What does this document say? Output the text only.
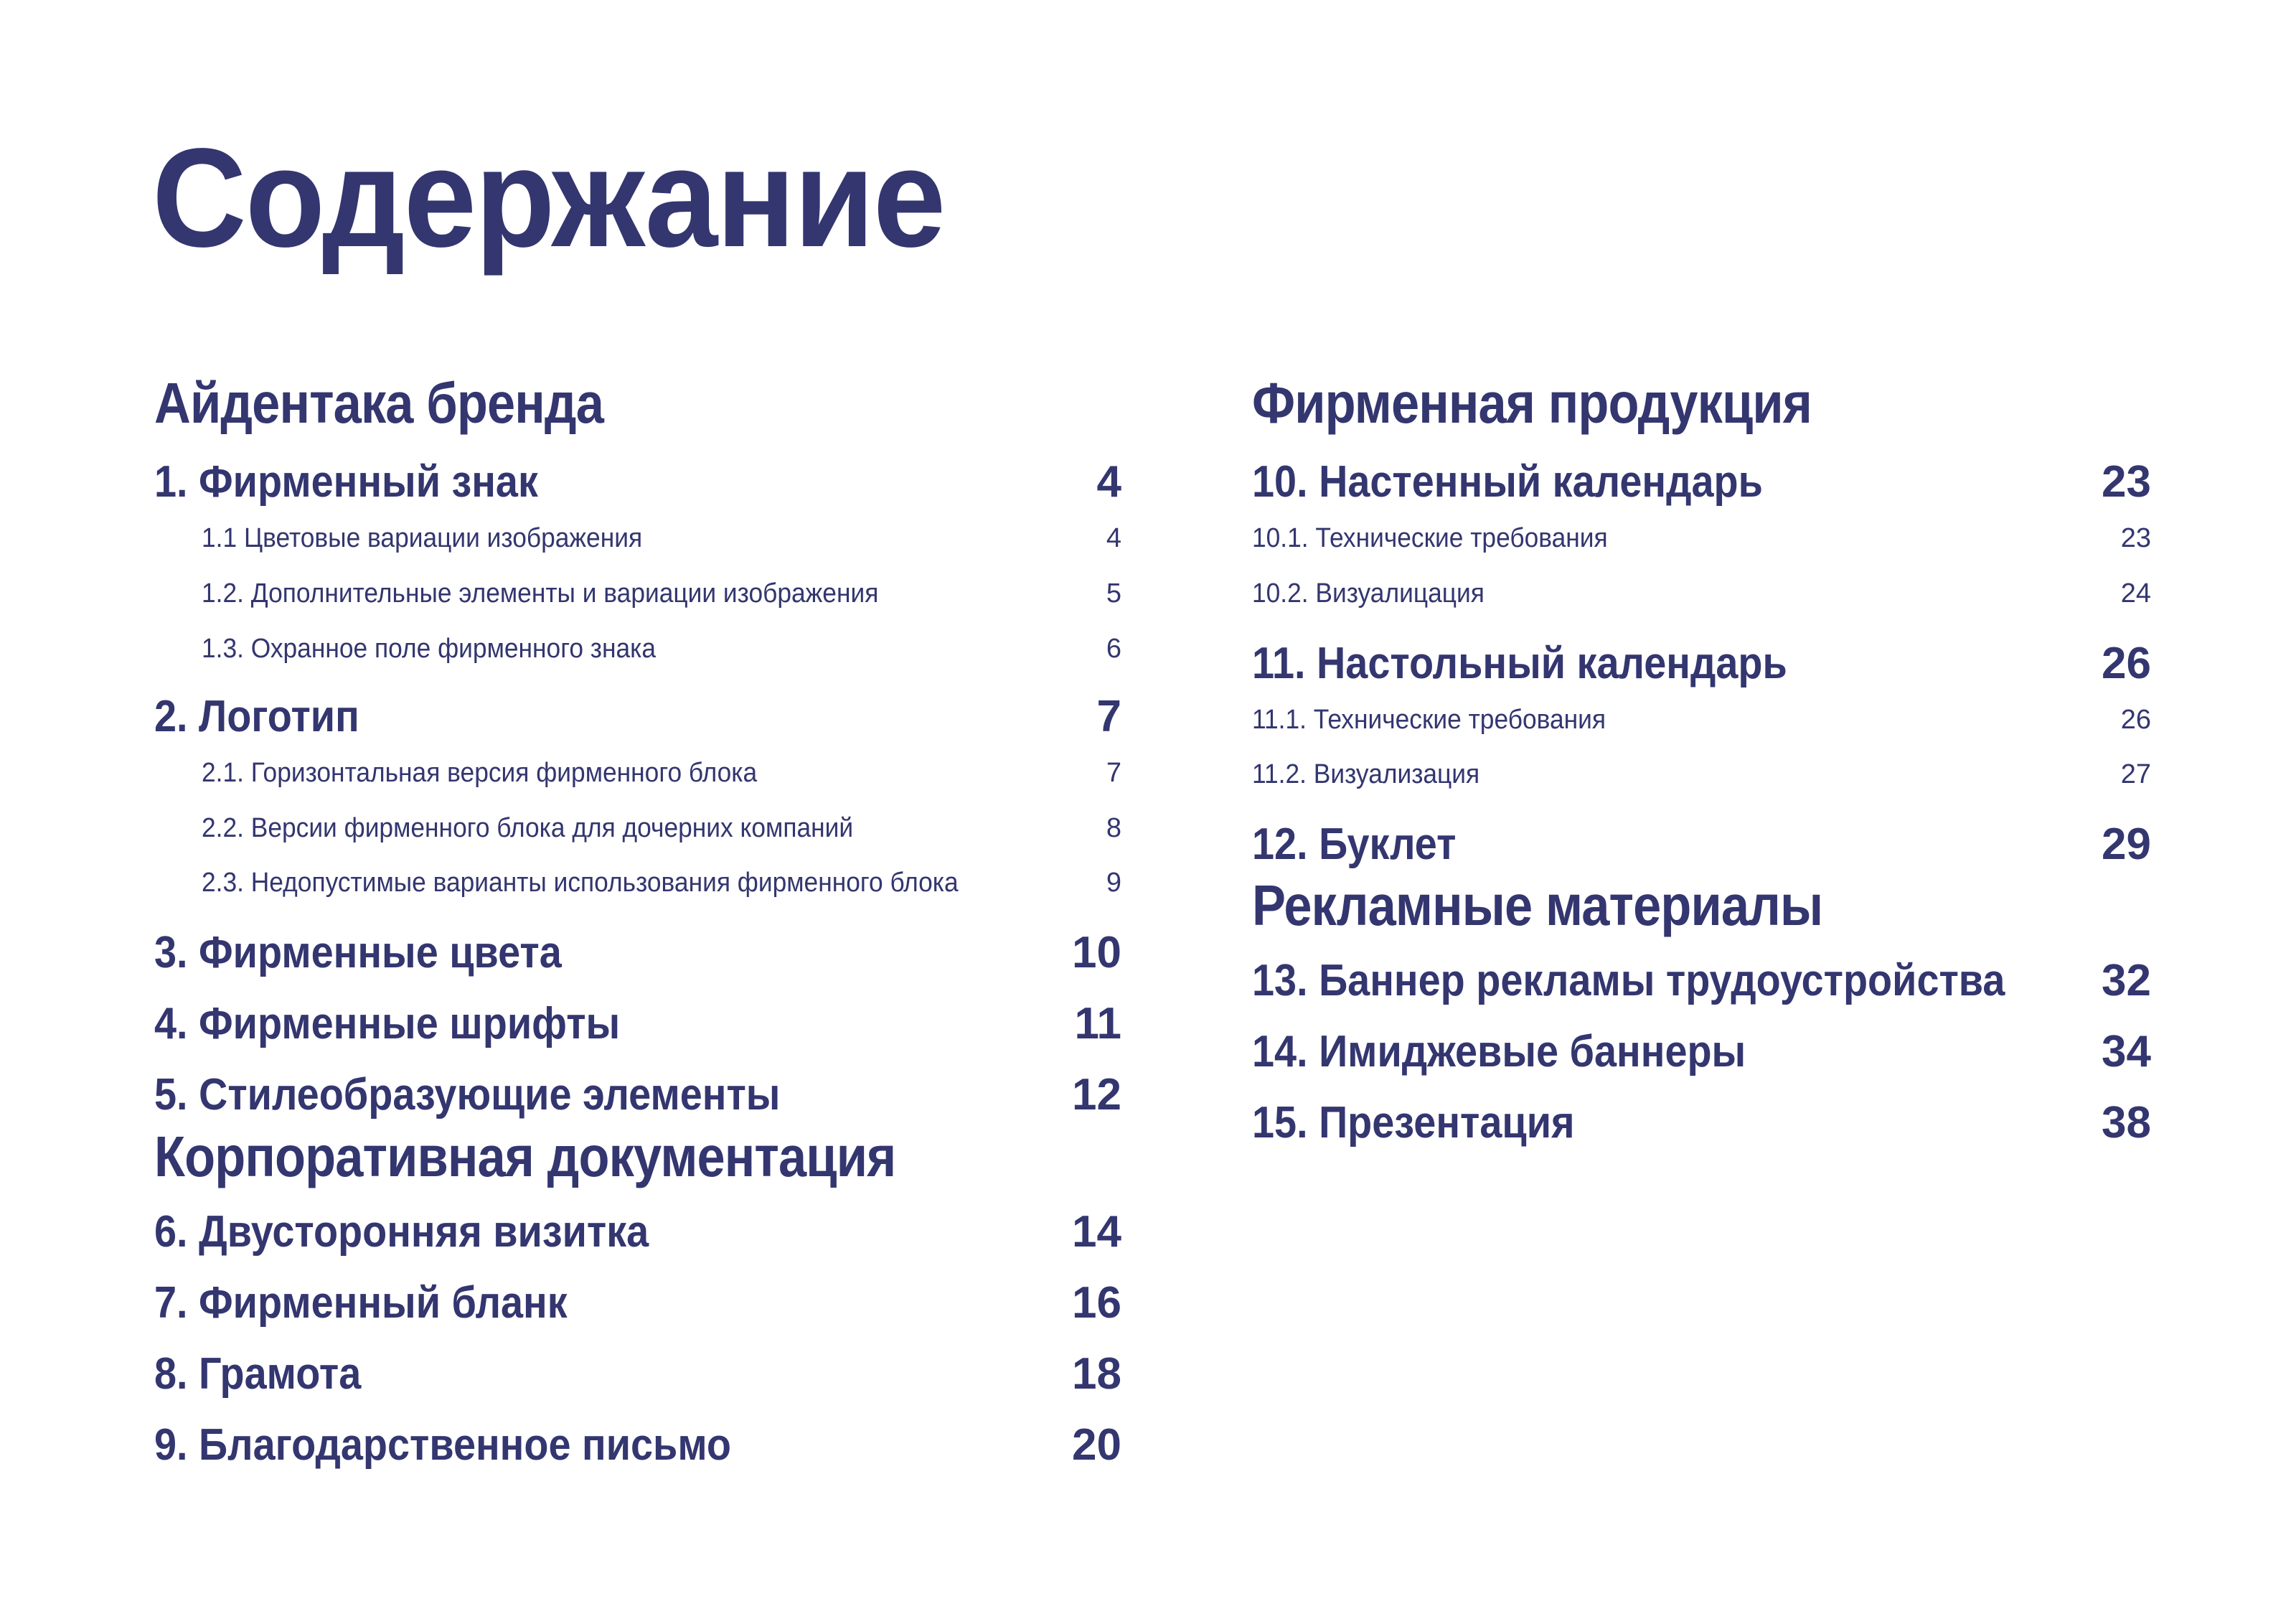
Содержание
Айдентака бренда
1. Фирменный знак	4
1.1 Цветовые вариации изображения	4
1.2. Дополнительные элементы и вариации изображения	5
1.3. Охранное поле фирменного знака	6
2. Логотип	7
2.1. Горизонтальная версия фирменного блока	7
2.2. Версии фирменного блока для дочерних компаний	8
2.3. Недопустимые варианты использования фирменного блока	9
3. Фирменные цвета	10
4. Фирменные шрифты	11
5. Стилеобразующие элементы	12
Корпоративная документация
6. Двусторонняя визитка	14
7. Фирменный бланк	16
8. Грамота	18
9. Благодарственное письмо	20
Фирменная продукция
10. Настенный календарь	23
10.1. Технические требования	23
10.2. Визуалицация	24
11. Настольный календарь	26
11.1. Технические требования	26
11.2. Визуализация	27
12. Буклет	29
Рекламные материалы
13. Баннер рекламы трудоустройства 32
14. Имиджевые баннеры	34
15. Презентация	38
